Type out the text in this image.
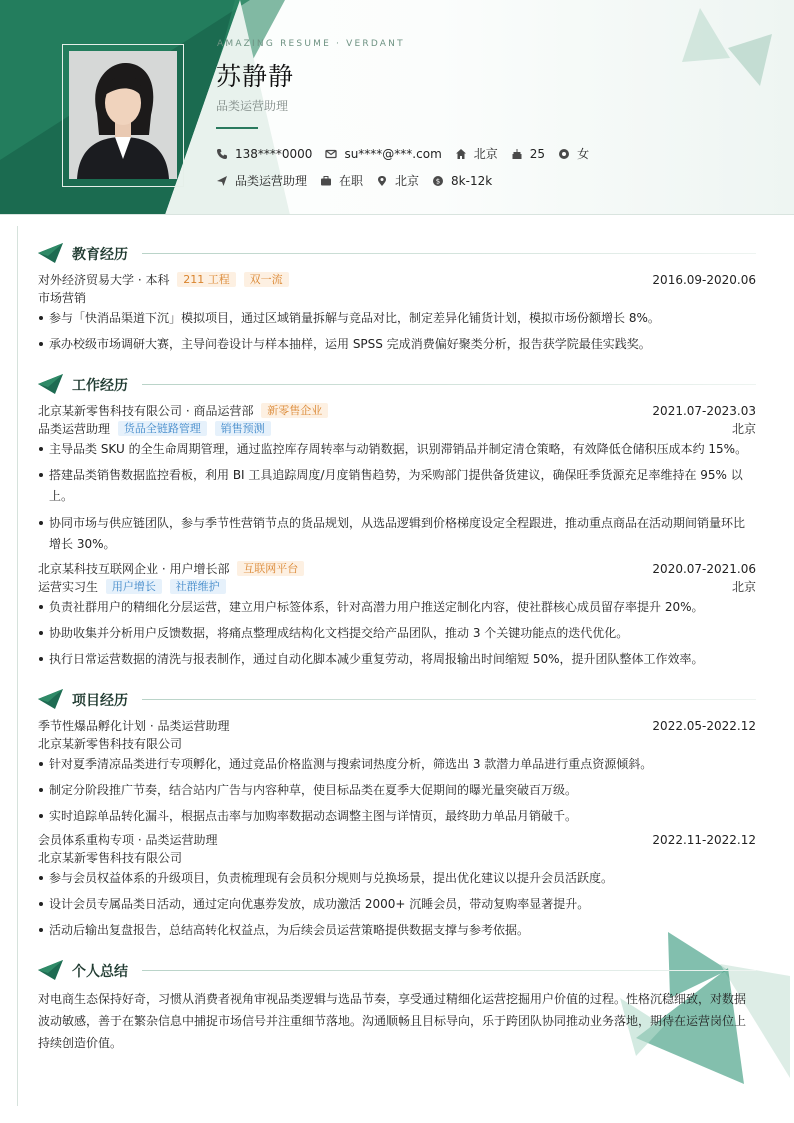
AMAZING RESUME · VERDANT
苏静静
品类运营助理
138****0000	su****@***.com	北京	25	女
品类运营助理	在职	北京 $ 8k-12k
教育经历
对外经济贸易大学 · 本科 211 工程 双一流	2016.09-2020.06
市场营销
参与「快消品渠道下沉」模拟项目，通过区域销量拆解与竞品对比，制定差异化铺货计划，模拟市场份额增长 8%。
承办校级市场调研大赛，主导问卷设计与样本抽样，运用 SPSS 完成消费偏好聚类分析，报告获学院最佳实践奖。
工作经历
北京某新零售科技有限公司 · 商品运营部 新零售企业	2021.07-2023.03
品类运营助理 货品全链路管理 销售预测	北京
主导品类 SKU 的全生命周期管理，通过监控库存周转率与动销数据，识别滞销品并制定清仓策略，有效降低仓储积压成本约 15%。
搭建品类销售数据监控看板，利用 BI 工具追踪周度/月度销售趋势，为采购部门提供备货建议，确保旺季货源充足率维持在 95% 以上。
协同市场与供应链团队，参与季节性营销节点的货品规划，从选品逻辑到价格梯度设定全程跟进，推动重点商品在活动期间销量环比增长 30%。
北京某科技互联网企业 · 用户增长部 互联网平台	2020.07-2021.06
运营实习生 用户增长 社群维护	北京
负责社群用户的精细化分层运营，建立用户标签体系，针对高潜力用户推送定制化内容，使社群核心成员留存率提升 20%。
协助收集并分析用户反馈数据，将痛点整理成结构化文档提交给产品团队，推动 3 个关键功能点的迭代优化。
执行日常运营数据的清洗与报表制作，通过自动化脚本减少重复劳动，将周报输出时间缩短 50%，提升团队整体工作效率。
项目经历
季节性爆品孵化计划 · 品类运营助理	2022.05-2022.12
北京某新零售科技有限公司
针对夏季清凉品类进行专项孵化，通过竞品价格监测与搜索词热度分析，筛选出 3 款潜力单品进行重点资源倾斜。
制定分阶段推广节奏，结合站内广告与内容种草，使目标品类在夏季大促期间的曝光量突破百万级。
实时追踪单品转化漏斗，根据点击率与加购率数据动态调整主图与详情页，最终助力单品月销破千。
会员体系重构专项 · 品类运营助理	2022.11-2022.12
北京某新零售科技有限公司
参与会员权益体系的升级项目，负责梳理现有会员积分规则与兑换场景，提出优化建议以提升会员活跃度。
设计会员专属品类日活动，通过定向优惠券发放，成功激活 2000+ 沉睡会员，带动复购率显著提升。
活动后输出复盘报告，总结高转化权益点，为后续会员运营策略提供数据支撑与参考依据。
个人总结
对电商生态保持好奇，习惯从消费者视角审视品类逻辑与选品节奏，享受通过精细化运营挖掘用户价值的过程。性格沉稳细致，对数据波动敏感，善于在繁杂信息中捕捉市场信号并注重细节落地。沟通顺畅且目标导向，乐于跨团队协同推动业务落地，期待在运营岗位上持续创造价值。
